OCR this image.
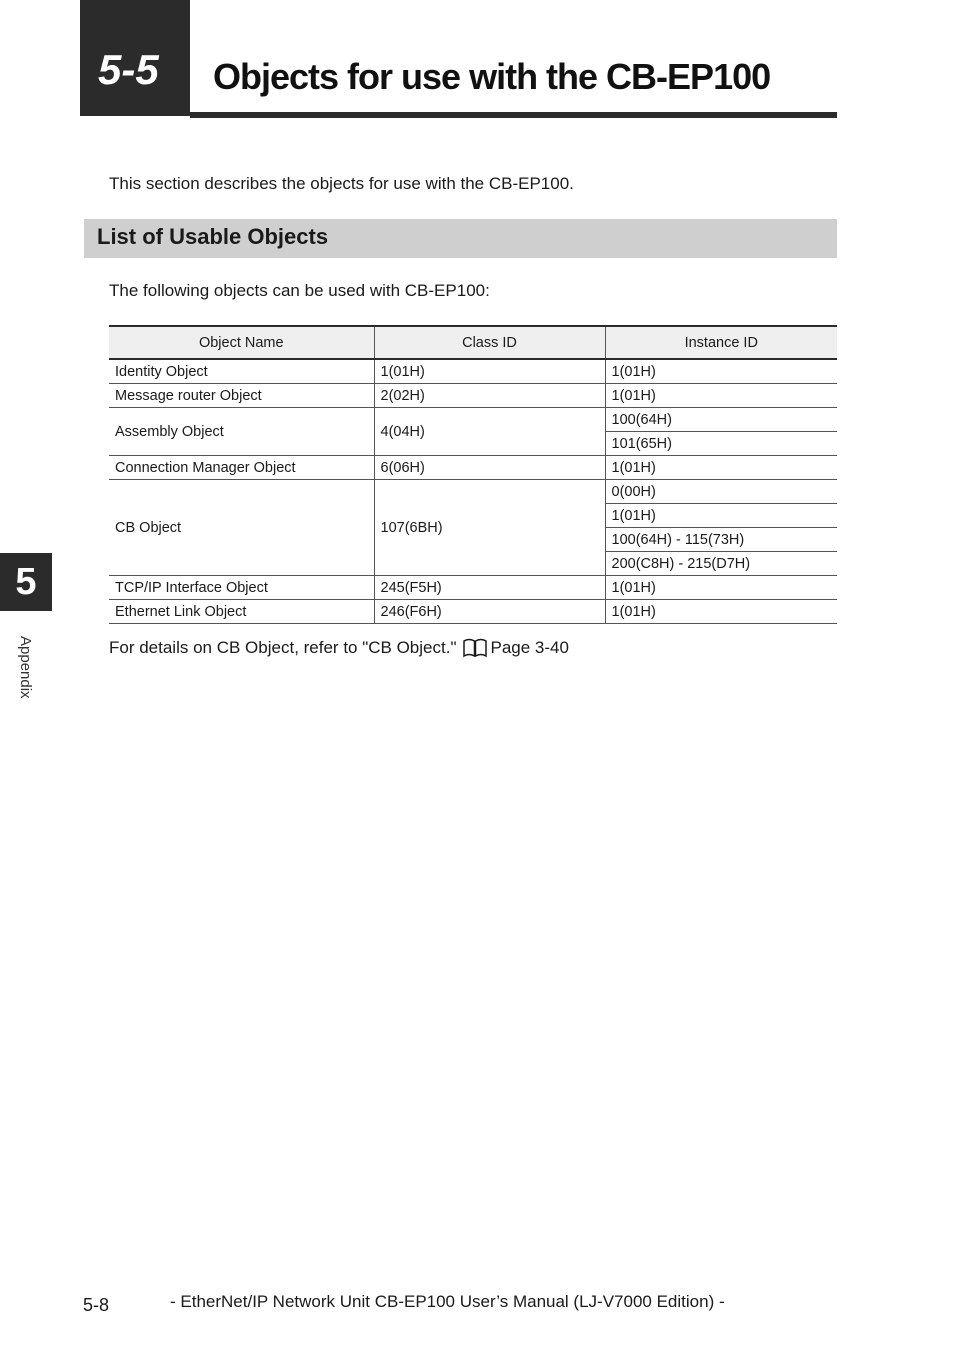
5-5 Objects for use with the CB-EP100
This section describes the objects for use with the CB-EP100.
List of Usable Objects
The following objects can be used with CB-EP100:
Object Name	Class ID	Instance ID
Identity Object	1(01H)	1(01H)
Message router Object	2(02H)	1(01H)
Assembly Object	4(04H)	100(64H)
		101(65H)
Connection Manager Object	6(06H)	1(01H)
CB Object	107(6BH)	0(00H)
		1(01H)
		100(64H) - 115(73H)
		200(C8H) - 215(D7H)
TCP/IP Interface Object	245(F5H)	1(01H)
Ethernet Link Object	246(F6H)	1(01H)
For details on CB Object, refer to "CB Object." Page 3-40
5
Appendix
5-8	- EtherNet/IP Network Unit CB-EP100 User’s Manual (LJ-V7000 Edition) -
